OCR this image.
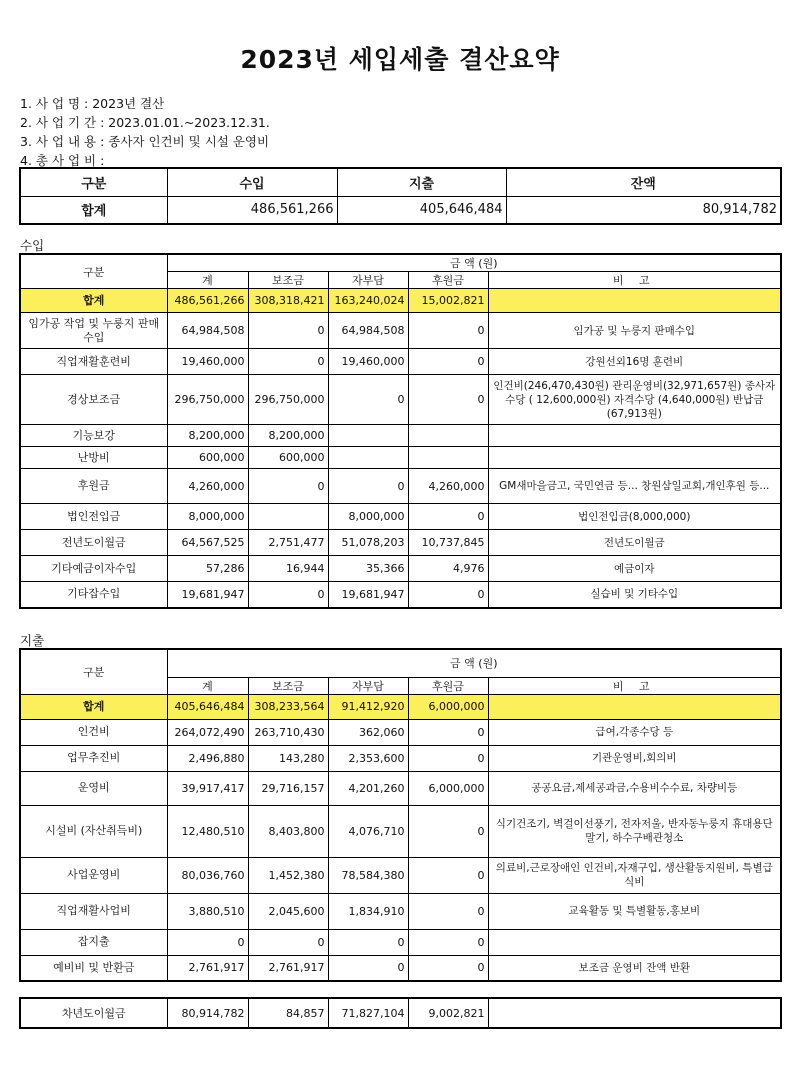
2023년 세입세출 결산요약
1. 사 업 명 : 2023년 결산
2. 사 업 기 간 : 2023.01.01.~2023.12.31.
3. 사 업 내 용 : 종사자 인건비 및 시설 운영비
4. 총 사 업 비 :
구분	수입	지출	잔액
합계	486,561,266	405,646,484	80,914,782
수입
구분	금 액 (원)				
	계	보조금	자부담	후원금	비 고
합계	486,561,266	308,318,421	163,240,024	15,002,821	
임가공 작업 및 누룽지 판매수입	64,984,508	0	64,984,508	0	임가공 및 누룽지 판매수입
직업재활훈련비	19,460,000	0	19,460,000	0	강원선외16명 훈련비
경상보조금	296,750,000	296,750,000	0	0	인건비(246,470,430원) 관리운영비(32,971,657원) 종사자수당 ( 12,600,000원) 자격수당 (4,640,000원) 반납금(67,913원)
기능보강	8,200,000	8,200,000			
난방비	600,000	600,000			
후원금	4,260,000	0	0	4,260,000	GM새마을금고, 국민연금 등... 창원삼일교회,개인후원 등...
법인전입금	8,000,000		8,000,000	0	법인전입금(8,000,000)
전년도이월금	64,567,525	2,751,477	51,078,203	10,737,845	전년도이월금
기타예금이자수입	57,286	16,944	35,366	4,976	예금이자
기타잡수입	19,681,947	0	19,681,947	0	실습비 및 기타수입
지출
구분	금 액 (원)				
	계	보조금	자부담	후원금	비 고
합계	405,646,484	308,233,564	91,412,920	6,000,000	
인건비	264,072,490	263,710,430	362,060	0	급여,각종수당 등
업무추진비	2,496,880	143,280	2,353,600	0	기관운영비,회의비
운영비	39,917,417	29,716,157	4,201,260	6,000,000	공공요금,제세공과금,수용비수수료, 차량비등
시설비 (자산취득비)	12,480,510	8,403,800	4,076,710	0	식기건조기, 벽걸이선풍기, 전자저울, 반자동누룽지 휴대용단말기, 하수구배관청소
사업운영비	80,036,760	1,452,380	78,584,380	0	의료비,근로장애인 인건비,자재구입, 생산활동지원비, 특별급식비
직업재활사업비	3,880,510	2,045,600	1,834,910	0	교육활동 및 특별활동,홍보비
잡지출	0	0	0	0	
예비비 및 반환금	2,761,917	2,761,917	0	0	보조금 운영비 잔액 반환
차년도이월금	80,914,782	84,857	71,827,104	9,002,821	
